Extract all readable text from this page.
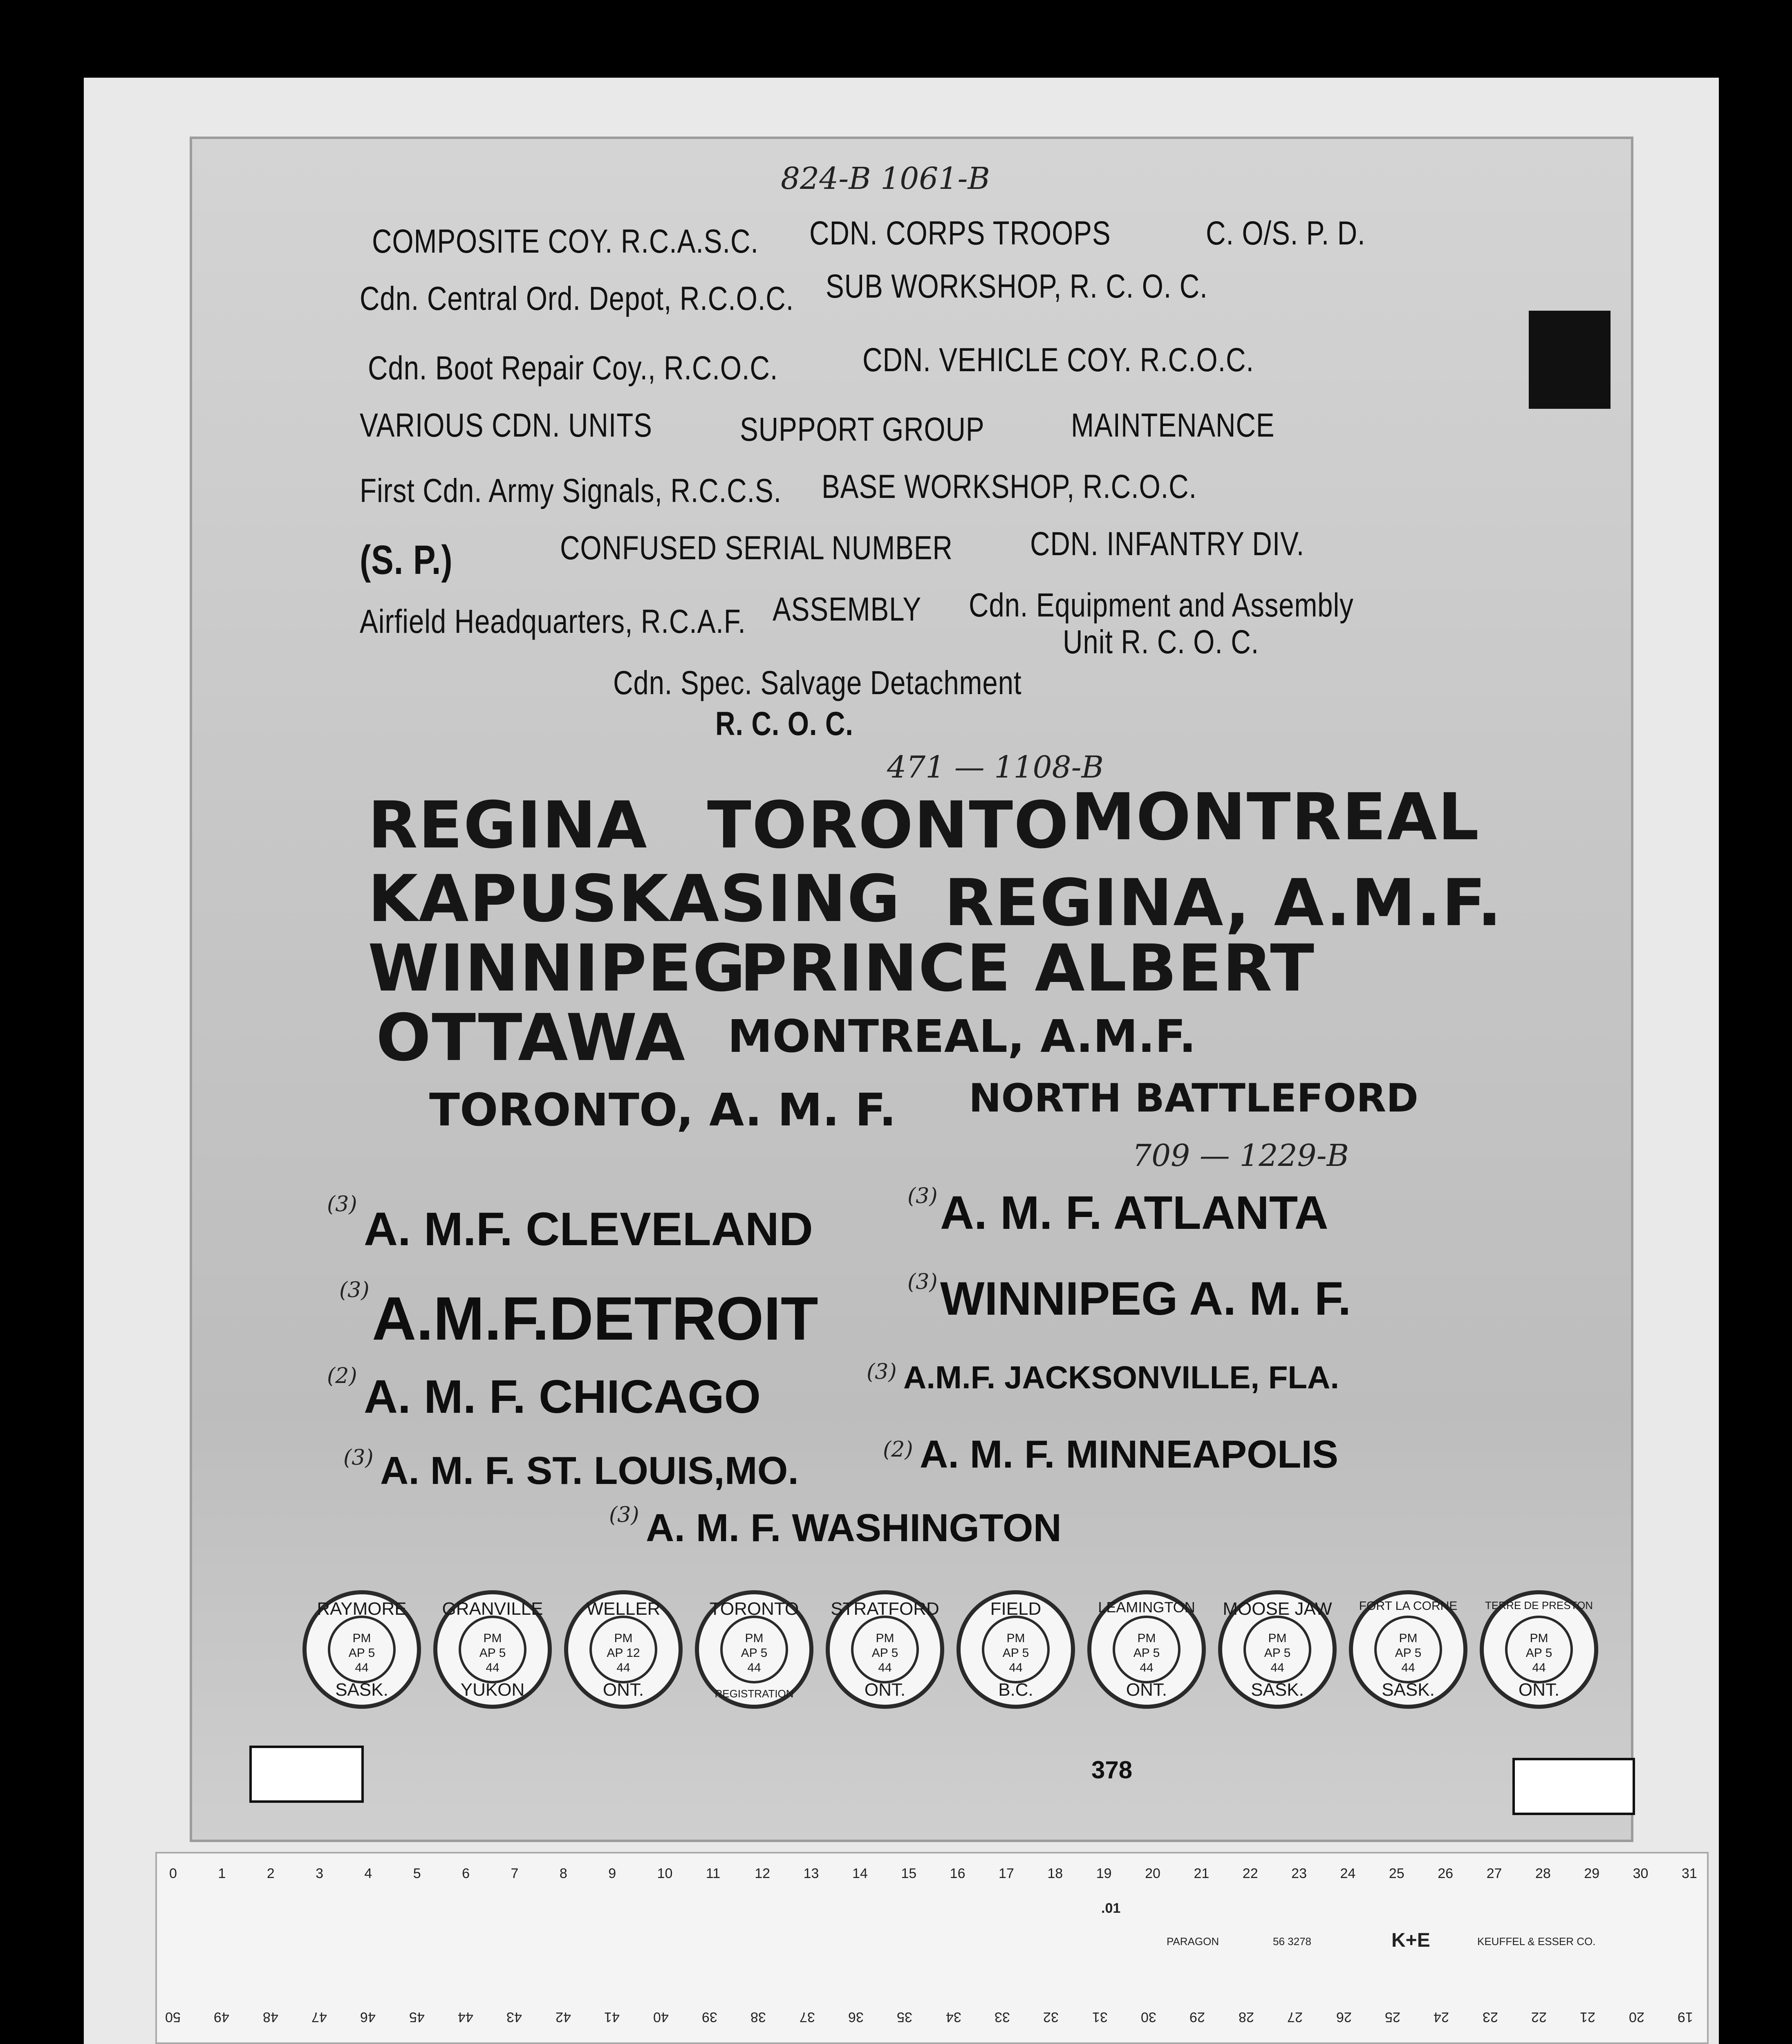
824-B 1061-B
COMPOSITE COY. R.C.A.S.C. CDN. CORPS TROOPS	C. O/S. P. D.
Cdn. Central Ord. Depot, R.C.O.C. SUB WORKSHOP, R. C. O. C.
Cdn. Boot Repair Coy., R.C.O.C.	CDN. VEHICLE COY. R.C.O.C.
VARIOUS CDN. UNITS	SUPPORT GROUP	MAINTENANCE
First Cdn. Army Signals, R.C.C.S. BASE WORKSHOP, R.C.O.C.
(S. P.)	CONFUSED SERIAL NUMBER CDN. INFANTRY DIV.
Airfield Headquarters, R.C.A.F. ASSEMBLY Cdn. Equipment and Assembly
Unit R. C. O. C.
Cdn. Spec. Salvage Detachment
R. C. O. C.
471 — 1108-B
REGINA TORONTO MONTREAL
KAPUSKASING REGINA, A.M.F.
WINNIPEG
PRINCE ALBERT
OTTAWA MONTREAL, A.M.F.
TORONTO, A. M. F. NORTH BATTLEFORD
709 — 1229-B
(3) A. M.F. CLEVELAND
(3) A. M. F. ATLANTA
(3) A.M.F.DETROIT
(3) WINNIPEG A. M. F.
(2) A. M. F. CHICAGO	(3) A.M.F. JACKSONVILLE, FLA.
(3) A. M. F. ST. LOUIS,MO.	(2) A. M. F. MINNEAPOLIS
(3) A. M. F. WASHINGTON
RAYMORE
PM
AP 5
44
SASK.
GRANVILLE
PM
AP 5
44
YUKON
WELLER
PM
AP 12
44
ONT.
TORONTO
PM
AP 5
44
REGISTRATION
STRATFORD
PM
AP 5
44
ONT.
FIELD
PM
AP 5
44
B.C.
LEAMINGTON
PM
AP 5
44
ONT.
MOOSE JAW
PM
AP 5
44
SASK.
FORT LA CORNE
PM
AP 5
44
SASK.
TERRE DE PRESTON
PM
AP 5
44
ONT.
378
0	1	2	3	4	5	6	7	8	9	10 11 12 13 14 15 16 17 18 19 20 21 22 23 24 25 26 27 28 29 30 31
50 49 48 47 46 45 44 43 42 41 40 39 38 37 36 35 34 33 32 31 30 29 28 27 26 25 24 23 22 21 20 19
.01
PARAGON	56 3278	K+E	KEUFFEL & ESSER CO.
